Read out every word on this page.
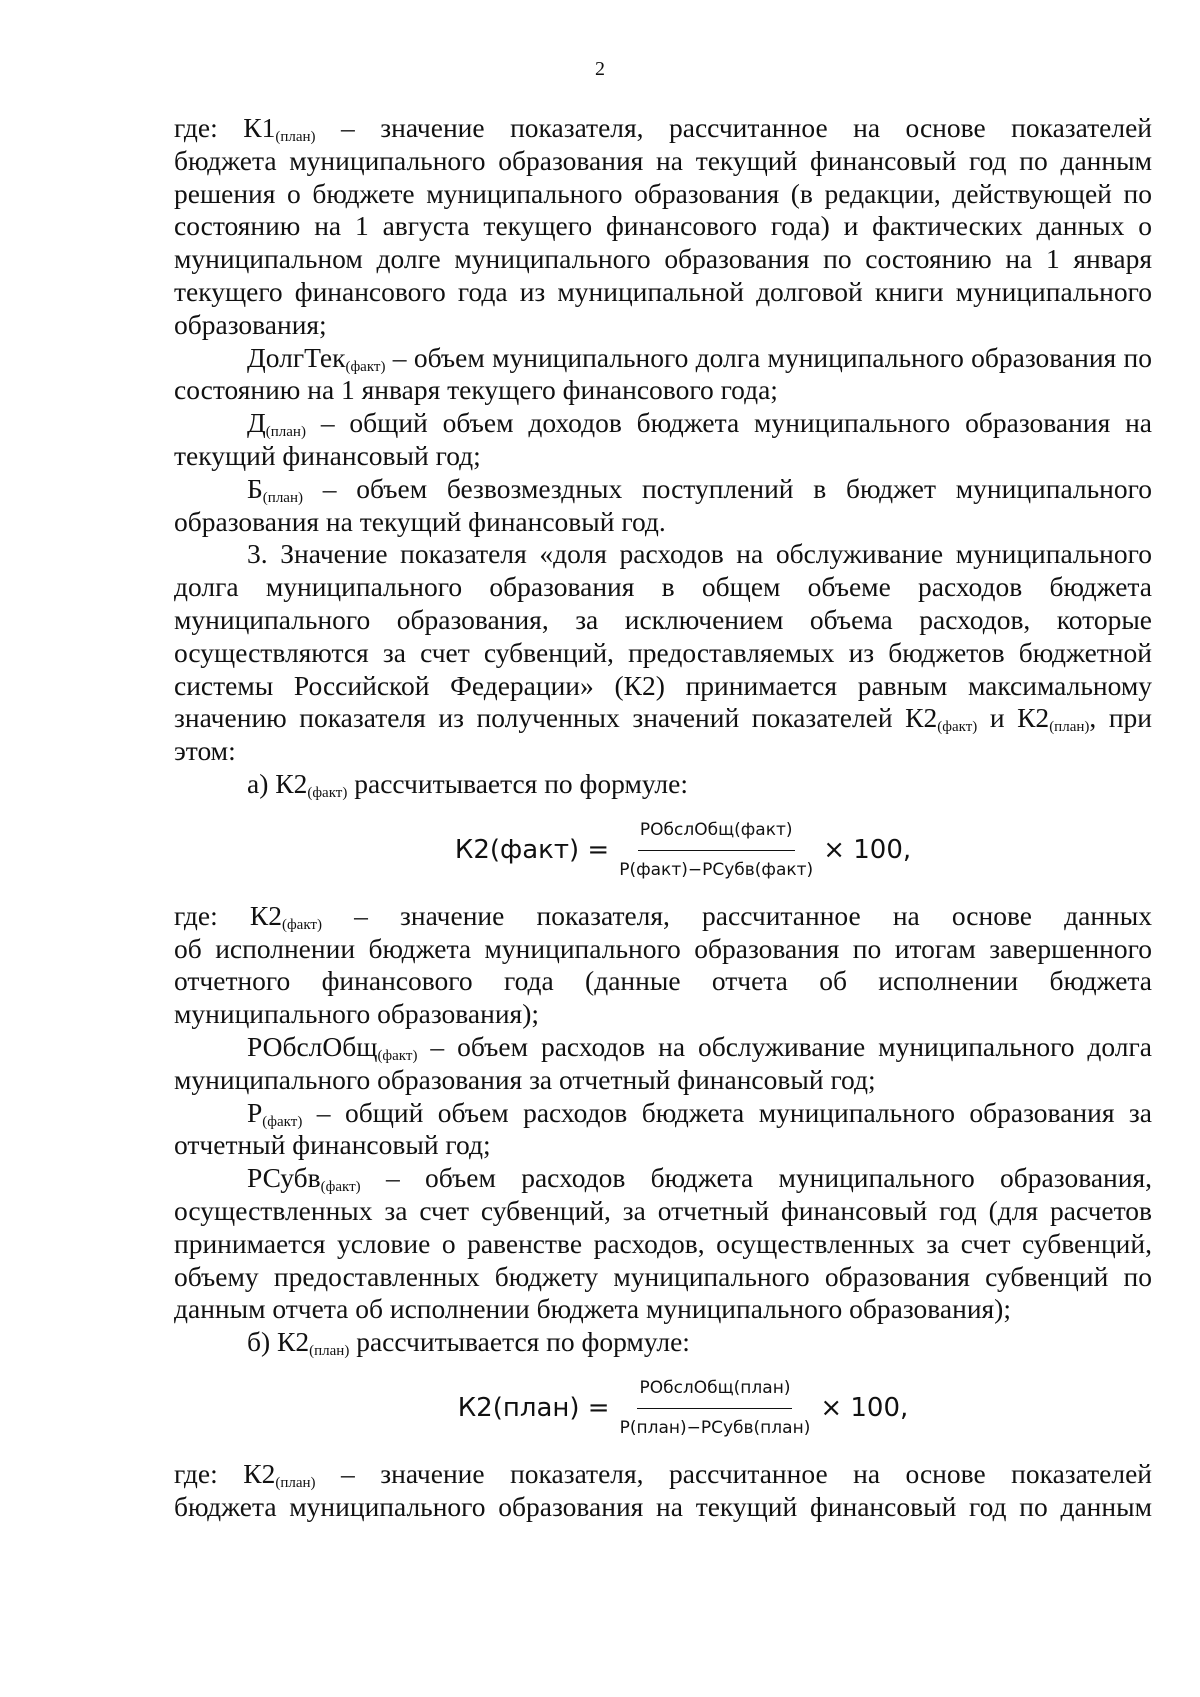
2

где: $К1_{(план)}$ – значение показателя, рассчитанное на основе показателей

бюджета муниципального образования на текущий финансовый год по данным решения о бюджете муниципального образования (в редакции, действующей по состоянию на 1 августа текущего финансового года) и фактических данных о муниципальном долге муниципального образования по состоянию на 1 января текущего финансового года из муниципальной долговой книги муниципального образования;

ДолгТек$_{(факт)}$ – объем муниципального долга муниципального образования по состоянию на 1 января текущего финансового года;

$Д_{(план)}$ – общий объем доходов бюджета муниципального образования на текущий финансовый год;

$Б_{(план)}$ – объем безвозмездных поступлений в бюджет муниципального образования на текущий финансовый год.

3. Значение показателя «доля расходов на обслуживание муниципального долга муниципального образования в общем объеме расходов бюджета муниципального образования, за исключением объема расходов, которые осуществляются за счет субвенций, предоставляемых из бюджетов бюджетной системы Российской Федерации» (К2) принимается равным максимальному значению показателя из полученных значений показателей $К2_{(факт)}$ и $К2_{(план)}$, при этом:

а) $К2_{(факт)}$ рассчитывается по формуле:

К2(факт) = $\frac{\text{РОбслОбщ(факт)}}{\text{Р(факт)−РСубв(факт)}} \times 100$,

где: $К2_{(факт)}$ – значение показателя, рассчитанное на основе данных

об исполнении бюджета муниципального образования по итогам завершенного отчетного финансового года (данные отчета об исполнении бюджета муниципального образования);

РОбслОбщ$_{(факт)}$ – объем расходов на обслуживание муниципального долга муниципального образования за отчетный финансовый год;

$Р_{(факт)}$ – общий объем расходов бюджета муниципального образования за отчетный финансовый год;

РСубв$_{(факт)}$ – объем расходов бюджета муниципального образования, осуществленных за счет субвенций, за отчетный финансовый год (для расчетов принимается условие о равенстве расходов, осуществленных за счет субвенций, объему предоставленных бюджету муниципального образования субвенций по данным отчета об исполнении бюджета муниципального образования);

б) $К2_{(план)}$ рассчитывается по формуле:

К2(план) = $\frac{\text{РОбслОбщ(план)}}{\text{Р(план)−РСубв(план)}} \times 100$,

где: $К2_{(план)}$ – значение показателя, рассчитанное на основе показателей

бюджета муниципального образования на текущий финансовый год по данным
